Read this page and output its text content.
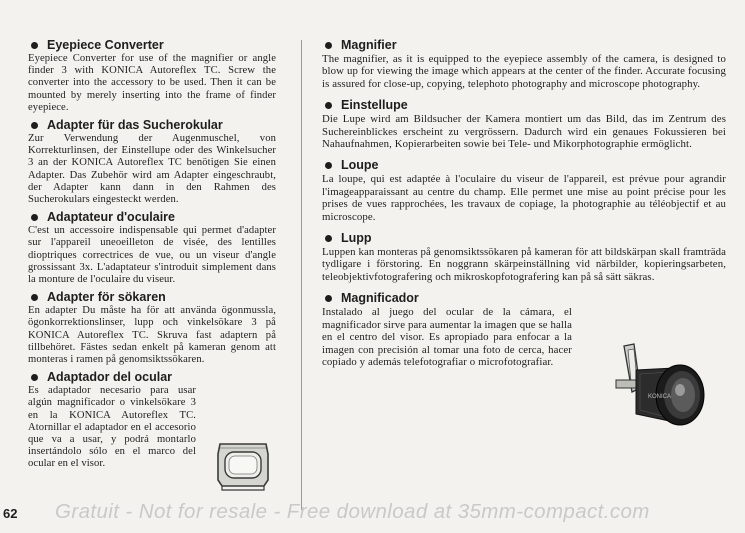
Eyepiece Converter

Eyepiece Converter for use of the magnifier or angle finder 3 with KONICA Autoreflex TC. Screw the converter into the accessory to be used. Then it can be mounted by merely inserting into the frame of finder eyepiece.

Adapter für das Sucherokular

Zur Verwendung der Augenmuschel, von Korrekturlinsen, der Einstellupe oder des Winkelsucher 3 an der KONICA Autoreflex TC benötigen Sie einen Adapter. Das Zubehör wird am Adapter eingeschraubt, der Adapter kann dann in den Rahmen des Sucherokulars eingesteckt werden.

Adaptateur d'oculaire

C'est un accessoire indispensable qui permet d'adapter sur l'appareil uneoeilleton de visée, des lentilles dioptriques correctrices de vue, ou un viseur d'angle grossissant 3x. L'adaptateur s'introduit simplement dans la monture de l'oculaire du viseur.

Adapter för sökaren

En adapter Du måste ha för att använda ögonmussla, ögonkorrektionslinser, lupp och vinkelsökare 3 på KONICA Autoreflex TC. Skruva fast adaptern på tillbehöret. Fästes sedan enkelt på kameran genom att monteras i ramen på genomsiktssökaren.

Adaptador del ocular

Es adaptador necesario para usar algún magnificador o vinkelsökare 3 en la KONICA Autoreflex TC. Atornillar el adaptador en el accesorio que va a usar, y podrá montarlo insertándolo sólo en el marco del ocular en el visor.

Magnifier

The magnifier, as it is equipped to the eyepiece assembly of the camera, is designed to blow up for viewing the image which appears at the center of the finder. Accurate focusing is assured for close-up, copying, telephoto photography and microscope photography.

Einstellupe

Die Lupe wird am Bildsucher der Kamera montiert um das Bild, das im Zentrum des Suchereinblickes erscheint zu vergrössern. Dadurch wird ein genaues Fokussieren bei Nahaufnahmen, Kopierarbeiten sowie bei Tele- und Mikorphotographie ermöglicht.

Loupe

La loupe, qui est adaptée à l'oculaire du viseur de l'appareil, est prévue pour agrandir l'imageapparaissant au centre du champ. Elle permet une mise au point précise pour les prises de vues rapprochées, les travaux de copiage, la photographie au téléobjectif et au microscope.

Lupp

Luppen kan monteras på genomsiktssökaren på kameran för att bildskärpan skall framträda tydligare i förstoring. En noggrann skärpeinställning vid närbilder, kopieringsarbeten, teleobjektivfotografering och mikroskopfotografering kan på så sätt säkras.

Magnificador

Instalado al juego del ocular de la cámara, el magnificador sirve para aumentar la imagen que se halla en el centro del visor. Es apropiado para enfocar a la imagen con precisión al tomar una foto de cerca, hacer copiado y además telefotografiar o microfotografiar.

KONICA
62 Gratuit - Not for resale - Free download at 35mm-compact.com
